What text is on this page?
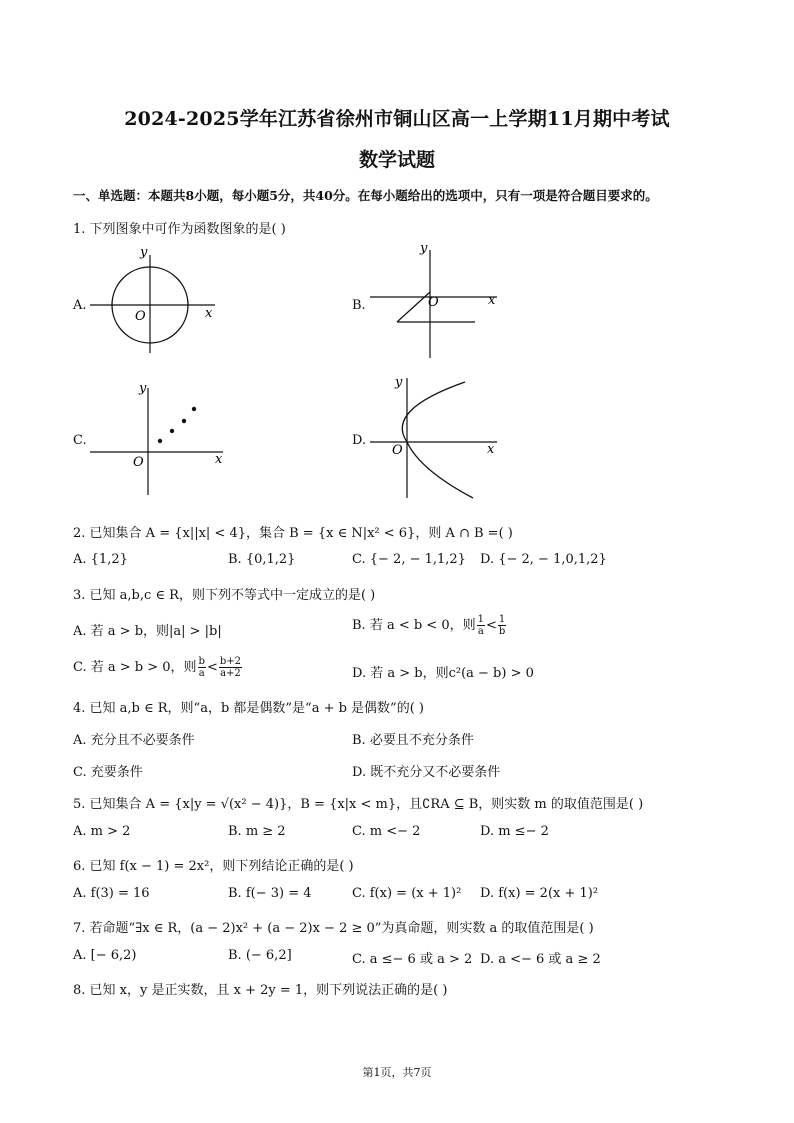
2024-2025学年江苏省徐州市铜山区高一上学期11月期中考试
数学试题
一、单选题：本题共8小题，每小题5分，共40分。在每小题给出的选项中，只有一项是符合题目要求的。
1. 下列图象中可作为函数图象的是( )
A.
y
x
O
B.
y
x
O
C.
y
x
O
D.
y
x
O
2. 已知集合 A = {x||x| < 4}，集合 B = {x ∈ N|x² < 6}，则 A ∩ B =( )
A. {1,2}	B. {0,1,2}	C. {− 2, − 1,1,2} D. {− 2, − 1,0,1,2}
3. 已知 a,b,c ∈ R，则下列不等式中一定成立的是( )
A. 若 a > b，则|a| > |b|	B. 若 a < b < 0，则 $\frac{1}{a} < \frac{1}{b}$
C. 若 a > b > 0，则 $\frac{b}{a} < \frac{b+2}{a+2}$	D. 若 a > b，则c²(a − b) > 0
4. 已知 a,b ∈ R，则“a，b 都是偶数”是“a + b 是偶数”的( )
A. 充分且不必要条件	B. 必要且不充分条件
C. 充要条件	D. 既不充分又不必要条件
5. 已知集合 A = {x|y = √(x² − 4)}，B = {x|x < m}，且∁RA ⊆ B，则实数 m 的取值范围是( )
A. m > 2	B. m ≥ 2	C. m <− 2	D. m ≤− 2
6. 已知 f(x − 1) = 2x²，则下列结论正确的是( )
A. f(3) = 16	B. f(− 3) = 4	C. f(x) = (x + 1)² D. f(x) = 2(x + 1)²
7. 若命题“∃x ∈ R，(a − 2)x² + (a − 2)x − 2 ≥ 0”为真命题，则实数 a 的取值范围是( )
A. [− 6,2)	B. (− 6,2]	C. a ≤− 6 或 a > 2 D. a <− 6 或 a ≥ 2
8. 已知 x，y 是正实数，且 x + 2y = 1，则下列说法正确的是( )
第1页，共7页
